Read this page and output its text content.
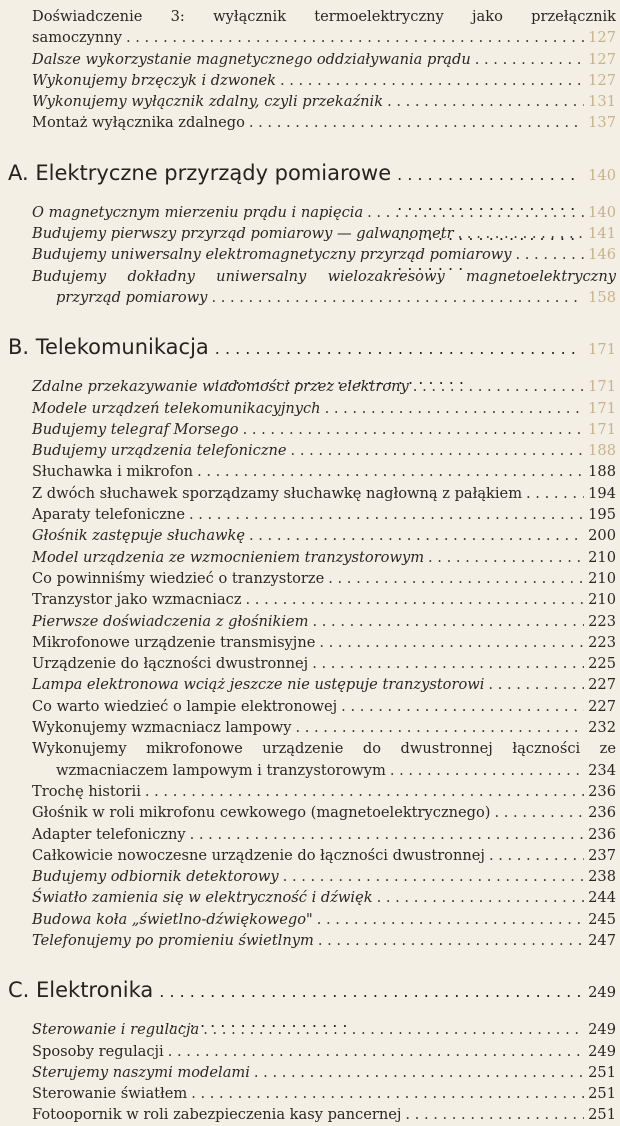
Doświadczenie 3: wyłącznik termoelektryczny jako przełącznik
samoczynny . . .	127
Dalsze wykorzystanie magnetycznego oddziaływania prądu . . .	127
Wykonujemy brzęczyk i dzwonek . . .	127
Wykonujemy wyłącznik zdalny, czyli przekaźnik . . .	131
Montaż wyłącznika zdalnego . . .	137
A. Elektryczne przyrządy pomiarowe . . .	140
O magnetycznym mierzeniu prądu i napięcia . . .	140
Budujemy pierwszy przyrząd pomiarowy — galwanometr . . .	141
Budujemy uniwersalny elektromagnetyczny przyrząd pomiarowy . . .	146
Budujemy dokładny uniwersalny wielozakresowy magnetoelektryczny
przyrząd pomiarowy . . .	158
B. Telekomunikacja . . .	171
Zdalne przekazywanie wiadomości przez elektrony . . .	171
Modele urządzeń telekomunikacyjnych . . .	171
Budujemy telegraf Morsego . . .	171
Budujemy urządzenia telefoniczne . . .	188
Słuchawka i mikrofon . . .	188
Z dwóch słuchawek sporządzamy słuchawkę nagłowną z pałąkiem . . .	194
Aparaty telefoniczne . . .	195
Głośnik zastępuje słuchawkę . . .	200
Model urządzenia ze wzmocnieniem tranzystorowym . . .	210
Co powinniśmy wiedzieć o tranzystorze . . .	210
Tranzystor jako wzmacniacz . . .	210
Pierwsze doświadczenia z głośnikiem . . .	223
Mikrofonowe urządzenie transmisyjne . . .	223
Urządzenie do łączności dwustronnej . . .	225
Lampa elektronowa wciąż jeszcze nie ustępuje tranzystorowi . . .	227
Co warto wiedzieć o lampie elektronowej . . .	227
Wykonujemy wzmacniacz lampowy . . .	232
Wykonujemy mikrofonowe urządzenie do dwustronnej łączności ze
wzmacniaczem lampowym i tranzystorowym . . .	234
Trochę historii . . .	236
Głośnik w roli mikrofonu cewkowego (magnetoelektrycznego) . . .	236
Adapter telefoniczny . . .	236
Całkowicie nowoczesne urządzenie do łączności dwustronnej . . .	237
Budujemy odbiornik detektorowy . . .	238
Światło zamienia się w elektryczność i dźwięk . . .	244
Budowa koła „świetlno-dźwiękowego" . . .	245
Telefonujemy po promieniu świetlnym . . .	247
C. Elektronika . . .	249
Sterowanie i regulacja . . .	249
Sposoby regulacji . . .	249
Sterujemy naszymi modelami . . .	251
Sterowanie światłem . . .	251
Fotoopornik w roli zabezpieczenia kasy pancernej . . .	251
